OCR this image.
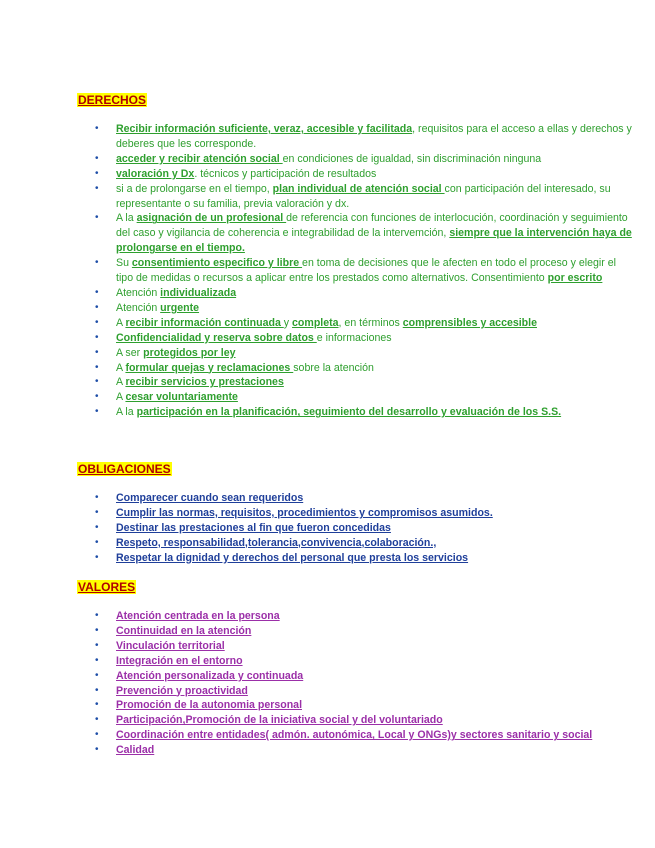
DERECHOS
• Recibir información suficiente, veraz, accesible y facilitada, requisitos para el acceso a ellas y derechos y deberes que les corresponde.
• acceder y recibir atención social en condiciones de igualdad, sin discriminación ninguna
• valoración y Dx. técnicos y participación de resultados
• si a de prolongarse en el tiempo, plan individual de atención social con participación del interesado, su representante o su familia, previa valoración y dx.
• A la asignación de un profesional de referencia con funciones de interlocución, coordinación y seguimiento del caso y vigilancia de coherencia e integrabilidad de la intervemción, siempre que la intervención haya de prolongarse en el tiempo.
• Su consentimiento especifico y libre en toma de decisiones que le afecten en todo el proceso y elegir el tipo de medidas o recursos a aplicar entre los prestados como alternativos. Consentimiento por escrito
• Atención individualizada
• Atención urgente
• A recibir información continuada y completa, en términos comprensibles y accesible
• Confidencialidad y reserva sobre datos e informaciones
• A ser protegidos por ley
• A formular quejas y reclamaciones sobre la atención
• A recibir servicios y prestaciones
• A cesar voluntariamente
• A la participación en la planificación, seguimiento del desarrollo y evaluación de los S.S.
OBLIGACIONES
• Comparecer cuando sean requeridos
• Cumplir las normas, requisitos, procedimientos y compromisos asumidos.
• Destinar las prestaciones al fin que fueron concedidas
• Respeto, responsabilidad,tolerancia,convivencia,colaboración.,
• Respetar la dignidad y derechos del personal que presta los servicios
VALORES
• Atención centrada en la persona
• Continuidad en la atención
• Vinculación territorial
• Integración en el entorno
• Atención personalizada y continuada
• Prevención y proactividad
• Promoción de la autonomia personal
• Participación,Promoción de la iniciativa social y del voluntariado
• Coordinación entre entidades( admón. autonómica, Local y ONGs)y sectores sanitario y social
• Calidad
